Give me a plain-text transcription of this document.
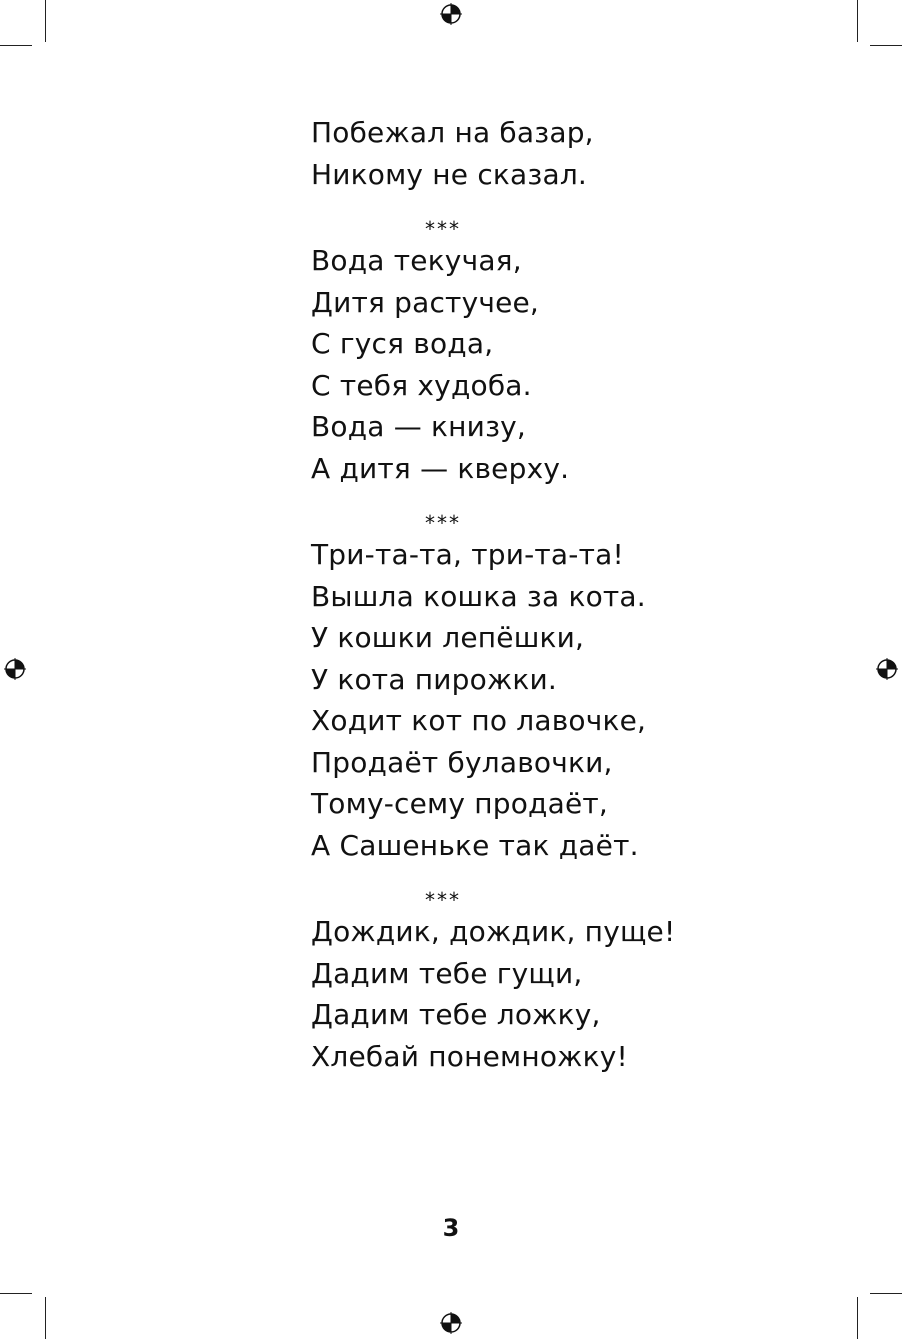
Побежал на базар,
Никому не сказал.
***
Вода текучая,
Дитя растучее,
С гуся вода,
С тебя худоба.
Вода — книзу,
А дитя — кверху.
***
Три-та-та, три-та-та!
Вышла кошка за кота.
У кошки лепёшки,
У кота пирожки.
Ходит кот по лавочке,
Продаёт булавочки,
Тому-сему продаёт,
А Сашеньке так даёт.
***
Дождик, дождик, пуще!
Дадим тебе гущи,
Дадим тебе ложку,
Хлебай понемножку!
3
